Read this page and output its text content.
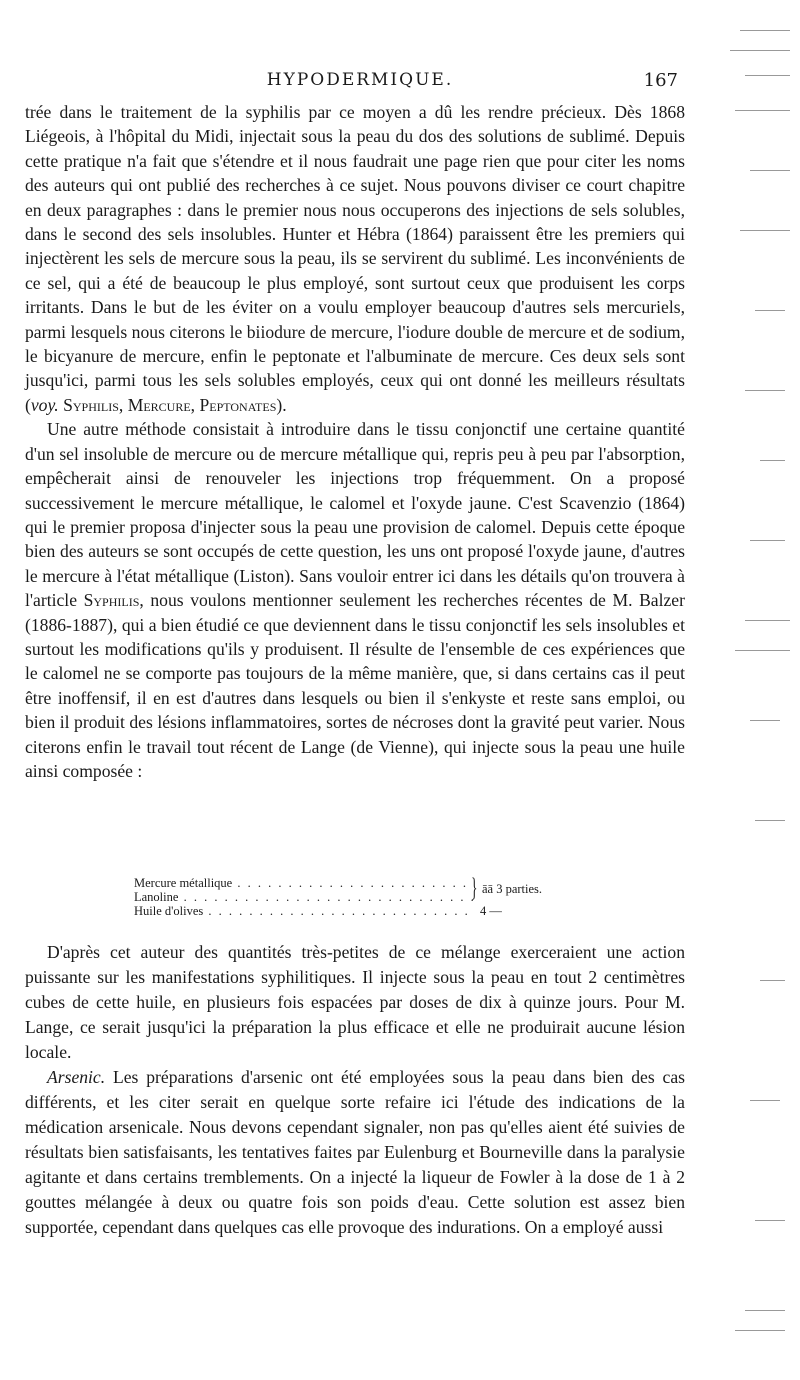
HYPODERMIQUE.	167

trée dans le traitement de la syphilis par ce moyen a dû les rendre précieux. Dès 1868 Liégeois, à l'hôpital du Midi, injectait sous la peau du dos des solutions de sublimé. Depuis cette pratique n'a fait que s'étendre et il nous faudrait une page rien que pour citer les noms des auteurs qui ont publié des recherches à ce sujet. Nous pouvons diviser ce court chapitre en deux paragraphes : dans le premier nous nous occuperons des injections de sels solubles, dans le second des sels insolubles. Hunter et Hébra (1864) paraissent être les premiers qui injectèrent les sels de mercure sous la peau, ils se servirent du sublimé. Les inconvénients de ce sel, qui a été de beaucoup le plus employé, sont surtout ceux que produisent les corps irritants. Dans le but de les éviter on a voulu employer beaucoup d'autres sels mercuriels, parmi lesquels nous citerons le biiodure de mercure, l'iodure double de mercure et de sodium, le bicyanure de mercure, enfin le peptonate et l'albuminate de mercure. Ces deux sels sont jusqu'ici, parmi tous les sels solubles employés, ceux qui ont donné les meilleurs résultats (voy. Syphilis, Mercure, Peptonates).

Une autre méthode consistait à introduire dans le tissu conjonctif une certaine quantité d'un sel insoluble de mercure ou de mercure métallique qui, repris peu à peu par l'absorption, empêcherait ainsi de renouveler les injections trop fréquemment. On a proposé successivement le mercure métallique, le calomel et l'oxyde jaune. C'est Scavenzio (1864) qui le premier proposa d'injecter sous la peau une provision de calomel. Depuis cette époque bien des auteurs se sont occupés de cette question, les uns ont proposé l'oxyde jaune, d'autres le mercure à l'état métallique (Liston). Sans vouloir entrer ici dans les détails qu'on trouvera à l'article Syphilis, nous voulons mentionner seulement les recherches récentes de M. Balzer (1886-1887), qui a bien étudié ce que deviennent dans le tissu conjonctif les sels insolubles et surtout les modifications qu'ils y produisent. Il résulte de l'ensemble de ces expériences que le calomel ne se comporte pas toujours de la même manière, que, si dans certains cas il peut être inoffensif, il en est d'autres dans lesquels ou bien il s'enkyste et reste sans emploi, ou bien il produit des lésions inflammatoires, sortes de nécroses dont la gravité peut varier. Nous citerons enfin le travail tout récent de Lange (de Vienne), qui injecte sous la peau une huile ainsi composée :

Mercure métallique . . .
Lanoline . . .
Huile d'olives . . .
} āā 3 parties.
4 —

D'après cet auteur des quantités très-petites de ce mélange exerceraient une action puissante sur les manifestations syphilitiques. Il injecte sous la peau en tout 2 centimètres cubes de cette huile, en plusieurs fois espacées par doses de dix à quinze jours. Pour M. Lange, ce serait jusqu'ici la préparation la plus efficace et elle ne produirait aucune lésion locale.

Arsenic. Les préparations d'arsenic ont été employées sous la peau dans bien des cas différents, et les citer serait en quelque sorte refaire ici l'étude des indications de la médication arsenicale. Nous devons cependant signaler, non pas qu'elles aient été suivies de résultats bien satisfaisants, les tentatives faites par Eulenburg et Bourneville dans la paralysie agitante et dans certains tremblements. On a injecté la liqueur de Fowler à la dose de 1 à 2 gouttes mélangée à deux ou quatre fois son poids d'eau. Cette solution est assez bien supportée, cependant dans quelques cas elle provoque des indurations. On a employé aussi
